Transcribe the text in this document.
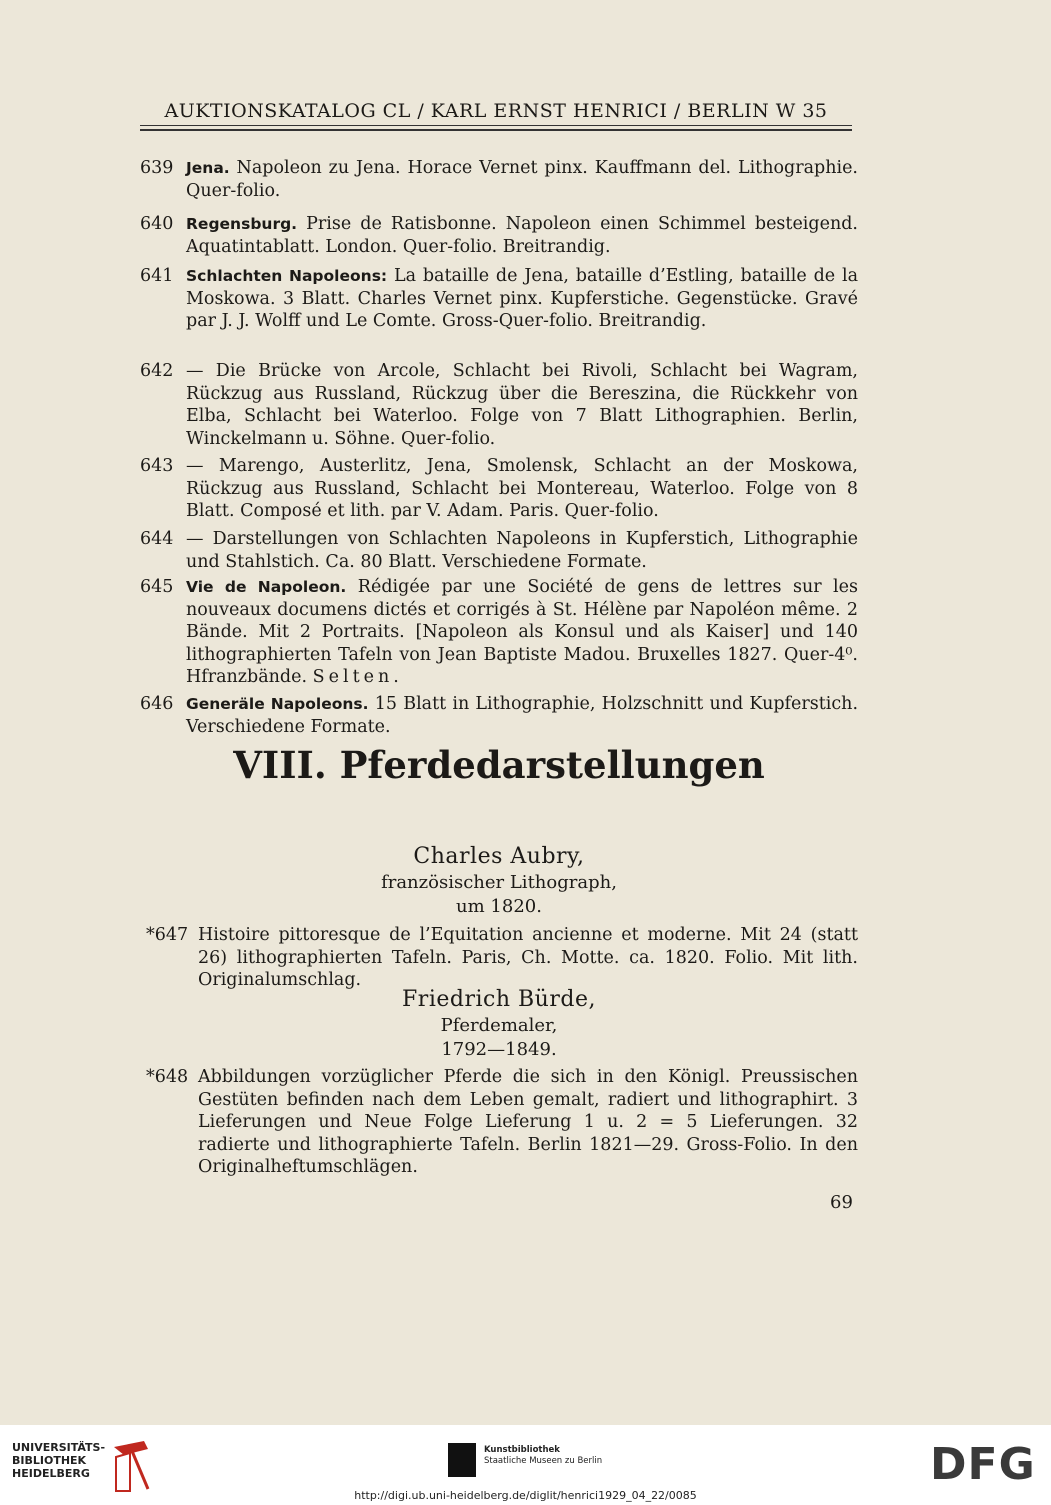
AUKTIONSKATALOG CL / KARL ERNST HENRICI / BERLIN W 35
639 Jena. Napoleon zu Jena. Horace Vernet pinx. Kauffmann del. Lithographie. Quer-folio.
640 Regensburg. Prise de Ratisbonne. Napoleon einen Schimmel besteigend. Aquatintablatt. London. Quer-folio. Breitrandig.
641 Schlachten Napoleons: La bataille de Jena, bataille d’Estling, bataille de la Moskowa. 3 Blatt. Charles Vernet pinx. Kupferstiche. Gegenstücke. Gravé par J. J. Wolff und Le Comte. Gross-Quer-folio. Breitrandig.
642 — Die Brücke von Arcole, Schlacht bei Rivoli, Schlacht bei Wagram, Rückzug aus Russland, Rückzug über die Bereszina, die Rückkehr von Elba, Schlacht bei Waterloo. Folge von 7 Blatt Lithographien. Berlin, Winckelmann u. Söhne. Quer-folio.
643 — Marengo, Austerlitz, Jena, Smolensk, Schlacht an der Moskowa, Rückzug aus Russland, Schlacht bei Montereau, Waterloo. Folge von 8 Blatt. Composé et lith. par V. Adam. Paris. Quer-folio.
644 — Darstellungen von Schlachten Napoleons in Kupferstich, Lithographie und Stahlstich. Ca. 80 Blatt. Verschiedene Formate.
645 Vie de Napoleon. Rédigée par une Société de gens de lettres sur les nouveaux documens dictés et corrigés à St. Hélène par Napoléon même. 2 Bände. Mit 2 Portraits. [Napoleon als Konsul und als Kaiser] und 140 lithographierten Tafeln von Jean Baptiste Madou. Bruxelles 1827. Quer-4⁰. Hfranzbände. Selten.
646 Generäle Napoleons. 15 Blatt in Lithographie, Holzschnitt und Kupferstich. Verschiedene Formate.
VIII. Pferdedarstellungen
Charles Aubry,
französischer Lithograph,
um 1820.
*647 Histoire pittoresque de l’Equitation ancienne et moderne. Mit 24 (statt 26) lithographierten Tafeln. Paris, Ch. Motte. ca. 1820. Folio. Mit lith. Originalumschlag.
Friedrich Bürde,
Pferdemaler,
1792—1849.
*648 Abbildungen vorzüglicher Pferde die sich in den Königl. Preussischen Gestüten befinden nach dem Leben gemalt, radiert und lithographirt. 3 Lieferungen und Neue Folge Lieferung 1 u. 2 = 5 Lieferungen. 32 radierte und lithographierte Tafeln. Berlin 1821—29. Gross-Folio. In den Originalheftumschlägen.
69
UNIVERSITÄTS-
BIBLIOTHEK
HEIDELBERG
Kunstbibliothek
Staatliche Museen zu Berlin	DFG
http://digi.ub.uni-heidelberg.de/diglit/henrici1929_04_22/0085
